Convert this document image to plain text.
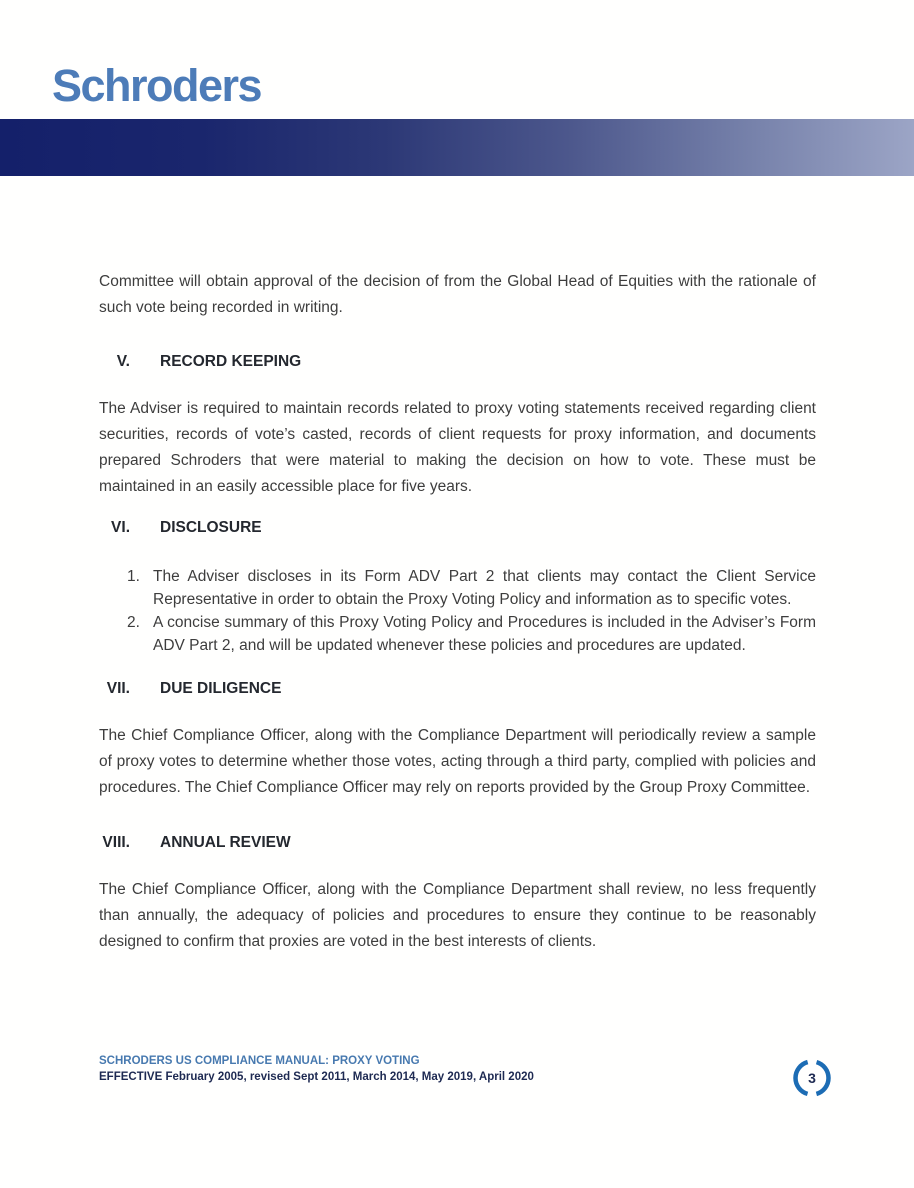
Schroders

Committee will obtain approval of the decision of from the Global Head of Equities with the rationale of such vote being recorded in writing.

V. RECORD KEEPING

The Adviser is required to maintain records related to proxy voting statements received regarding client securities, records of vote’s casted, records of client requests for proxy information, and documents prepared Schroders that were material to making the decision on how to vote. These must be maintained in an easily accessible place for five years.

VI. DISCLOSURE
1. The Adviser discloses in its Form ADV Part 2 that clients may contact the Client Service Representative in order to obtain the Proxy Voting Policy and information as to specific votes.
2. A concise summary of this Proxy Voting Policy and Procedures is included in the Adviser’s Form ADV Part 2, and will be updated whenever these policies and procedures are updated.
VII. DUE DILIGENCE

The Chief Compliance Officer, along with the Compliance Department will periodically review a sample of proxy votes to determine whether those votes, acting through a third party, complied with policies and procedures. The Chief Compliance Officer may rely on reports provided by the Group Proxy Committee.

VIII. ANNUAL REVIEW

The Chief Compliance Officer, along with the Compliance Department shall review, no less frequently than annually, the adequacy of policies and procedures to ensure they continue to be reasonably designed to confirm that proxies are voted in the best interests of clients.

SCHRODERS US COMPLIANCE MANUAL: PROXY VOTING
EFFECTIVE February 2005, revised Sept 2011, March 2014, May 2019, April 2020	3
